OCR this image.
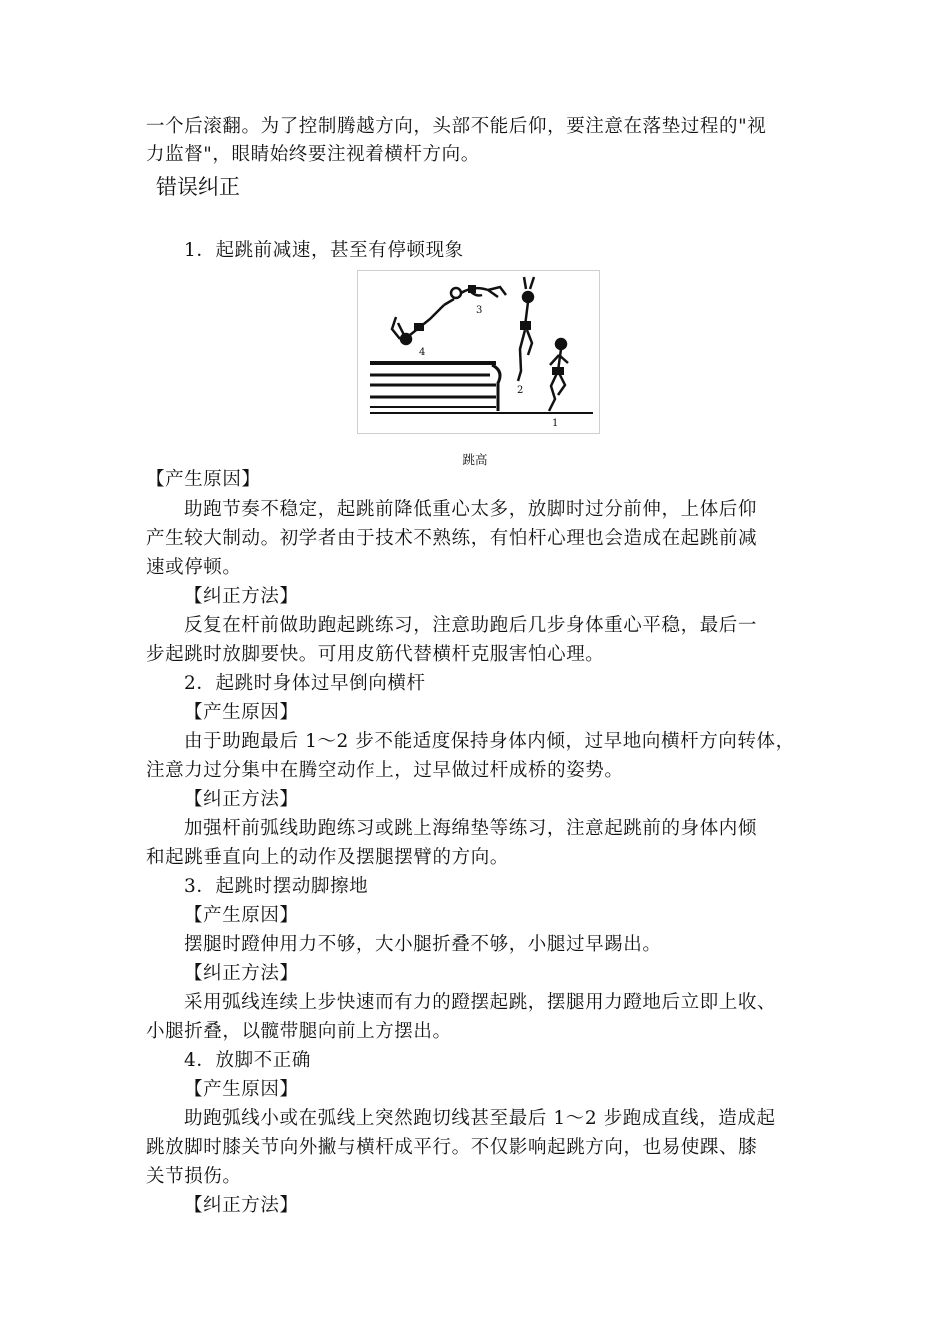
一个后滚翻。为了控制腾越方向，头部不能后仰，要注意在落垫过程的"视
力监督"，眼睛始终要注视着横杆方向。
错误纠正
1．起跳前减速，甚至有停顿现象
1
2
3
4
跳高
【产生原因】
助跑节奏不稳定，起跳前降低重心太多，放脚时过分前伸，上体后仰
产生较大制动。初学者由于技术不熟练，有怕杆心理也会造成在起跳前减
速或停顿。
【纠正方法】
反复在杆前做助跑起跳练习，注意助跑后几步身体重心平稳，最后一
步起跳时放脚要快。可用皮筋代替横杆克服害怕心理。
2．起跳时身体过早倒向横杆
【产生原因】
由于助跑最后 1～2 步不能适度保持身体内倾，过早地向横杆方向转体，
注意力过分集中在腾空动作上，过早做过杆成桥的姿势。
【纠正方法】
加强杆前弧线助跑练习或跳上海绵垫等练习，注意起跳前的身体内倾
和起跳垂直向上的动作及摆腿摆臂的方向。
3．起跳时摆动脚擦地
【产生原因】
摆腿时蹬伸用力不够，大小腿折叠不够，小腿过早踢出。
【纠正方法】
采用弧线连续上步快速而有力的蹬摆起跳，摆腿用力蹬地后立即上收、
小腿折叠，以髋带腿向前上方摆出。
4．放脚不正确
【产生原因】
助跑弧线小或在弧线上突然跑切线甚至最后 1～2 步跑成直线，造成起
跳放脚时膝关节向外撇与横杆成平行。不仅影响起跳方向，也易使踝、膝
关节损伤。
【纠正方法】
